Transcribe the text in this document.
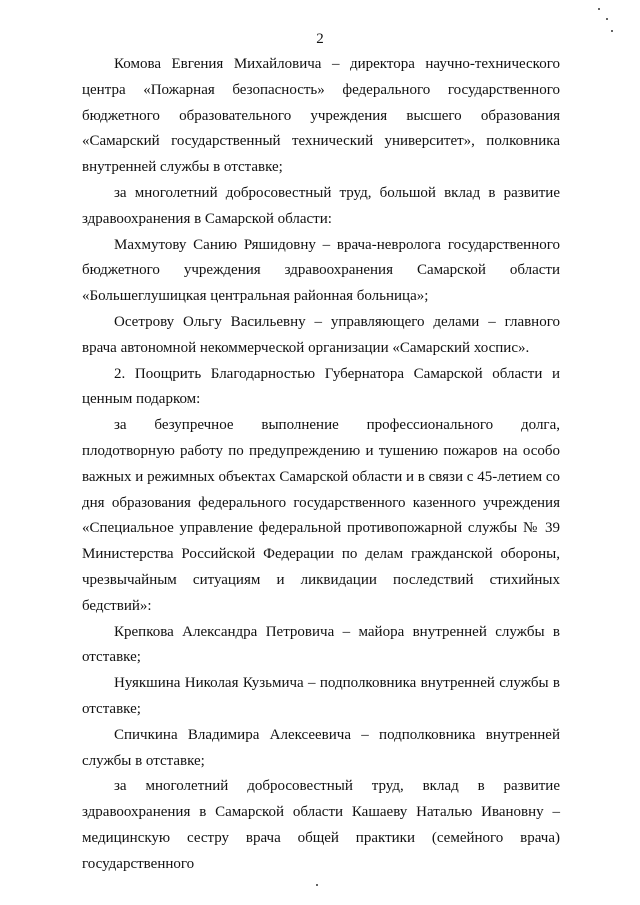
2

Комова Евгения Михайловича – директора научно-технического центра «Пожарная безопасность» федерального государственного бюджетного образовательного учреждения высшего образования «Самарский государственный технический университет», полковника внутренней службы в отставке;

за многолетний добросовестный труд, большой вклад в развитие здравоохранения в Самарской области:

Махмутову Санию Ряшидовну – врача-невролога государственного бюджетного учреждения здравоохранения Самарской области «Большеглушицкая центральная районная больница»;

Осетрову Ольгу Васильевну – управляющего делами – главного врача автономной некоммерческой организации «Самарский хоспис».

2. Поощрить Благодарностью Губернатора Самарской области и ценным подарком:

за безупречное выполнение профессионального долга, плодотворную работу по предупреждению и тушению пожаров на особо важных и режимных объектах Самарской области и в связи с 45-летием со дня образования федерального государственного казенного учреждения «Специальное управление федеральной противопожарной службы № 39 Министерства Российской Федерации по делам гражданской обороны, чрезвычайным ситуациям и ликвидации последствий стихийных бедствий»:

Крепкова Александра Петровича – майора внутренней службы в отставке;

Нуякшина Николая Кузьмича – подполковника внутренней службы в отставке;

Спичкина Владимира Алексеевича – подполковника внутренней службы в отставке;

за многолетний добросовестный труд, вклад в развитие здравоохранения в Самарской области Кашаеву Наталью Ивановну – медицинскую сестру врача общей практики (семейного врача) государственного
